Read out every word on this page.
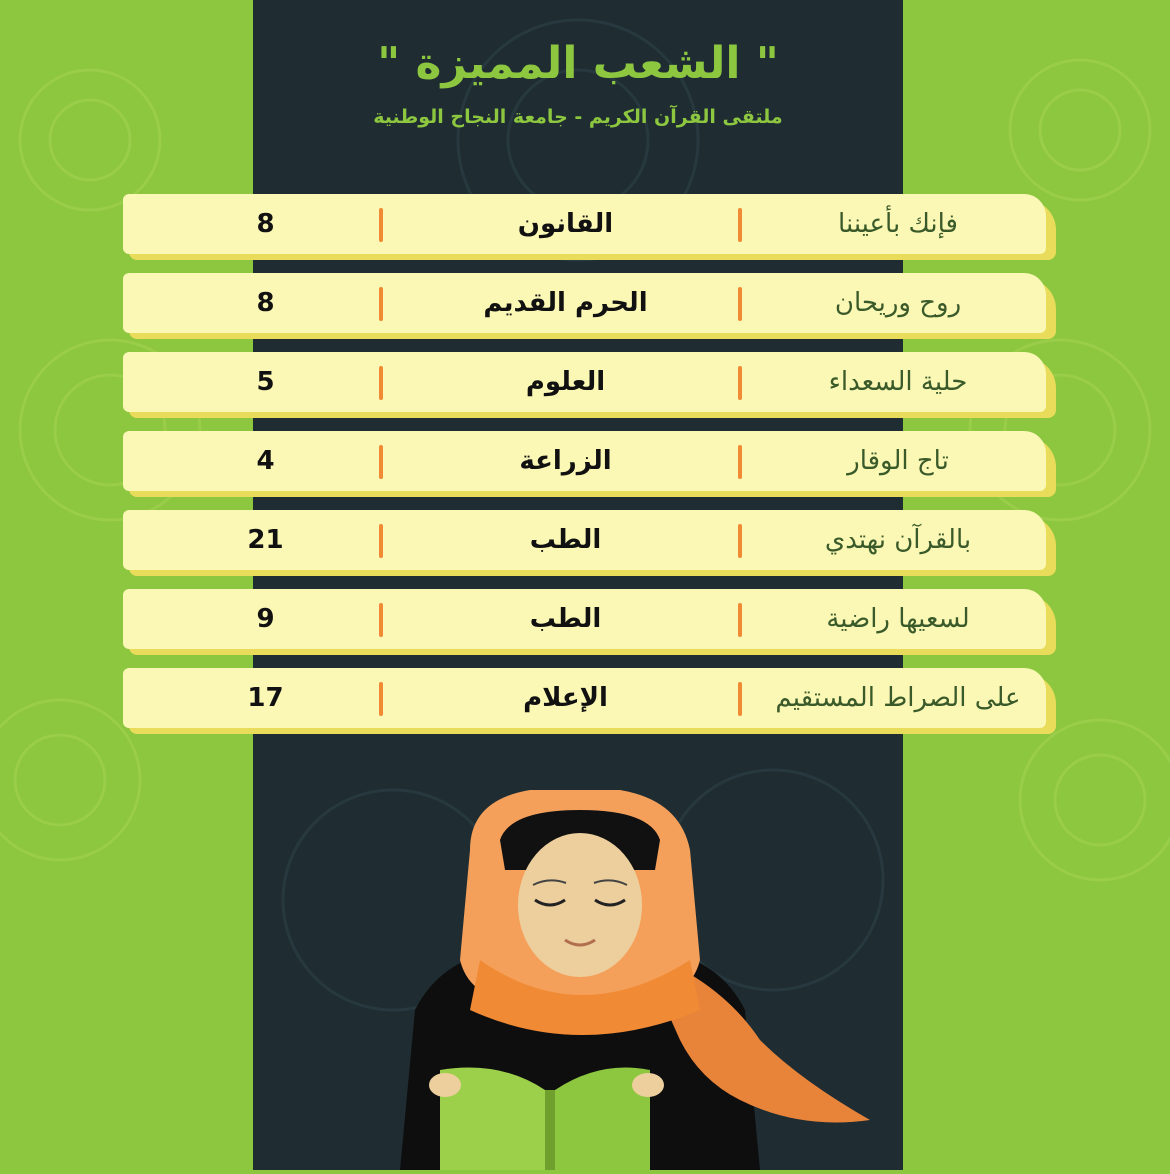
" الشعب المميزة "
ملتقى القرآن الكريم - جامعة النجاح الوطنية
فإنك بأعيننا
القانون
8
روح وريحان
الحرم القديم
8
حلية السعداء
العلوم
5
تاج الوقار
الزراعة
4
بالقرآن نهتدي
الطب
21
لسعيها راضية
الطب
9
على الصراط المستقيم
الإعلام
17
